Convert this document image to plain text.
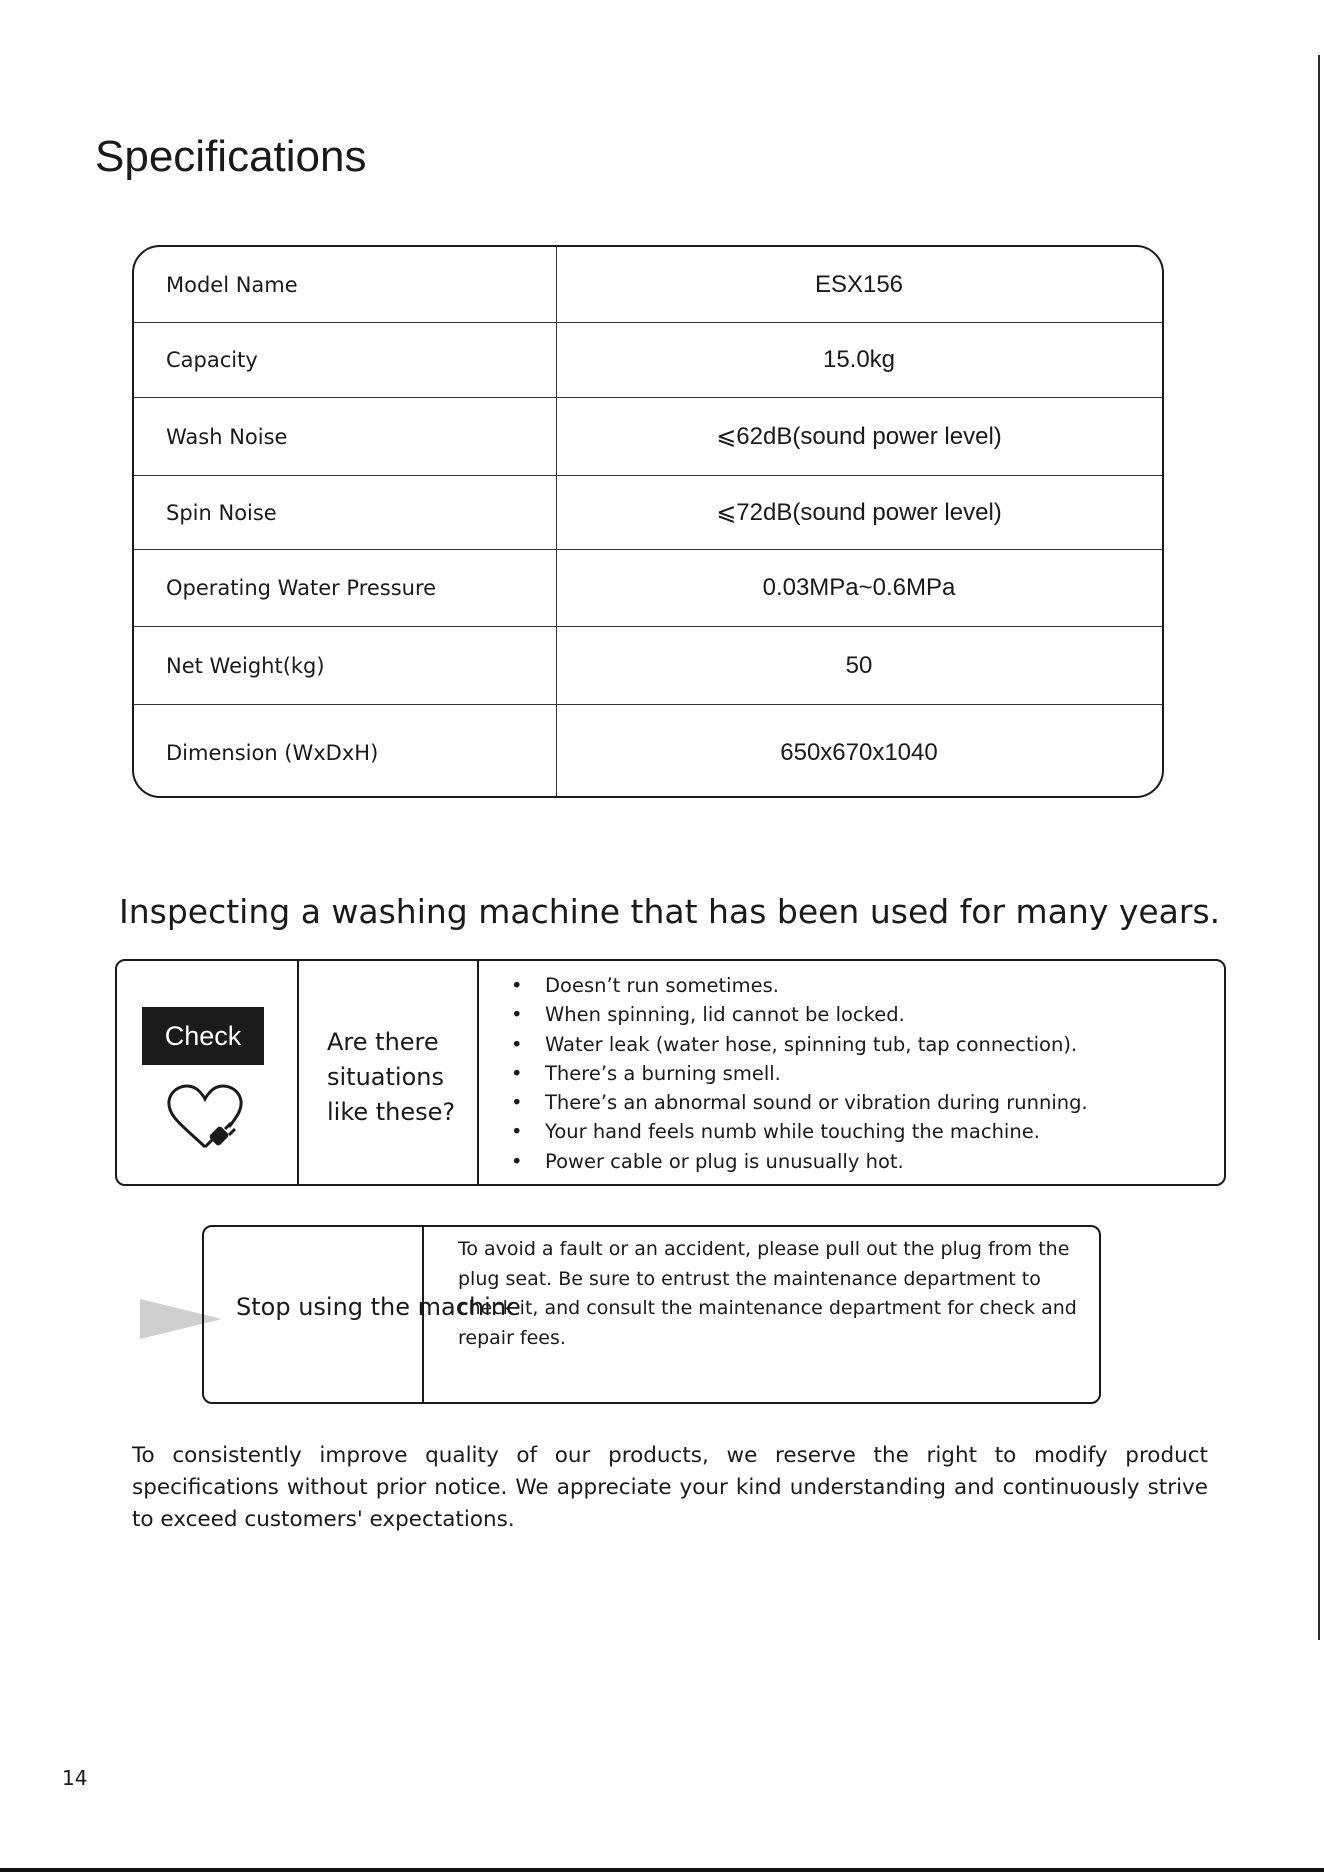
Specifications
Model Name	ESX156
Capacity	15.0kg
Wash Noise	⩽62dB(sound power level)
Spin Noise	⩽72dB(sound power level)
Operating Water Pressure	0.03MPa~0.6MPa
Net Weight(kg)	50
Dimension (WxDxH)	650x670x1040
Inspecting a washing machine that has been used for many years.
Check	Are there situations like these?
• Doesn’t run sometimes.
• When spinning, lid cannot be locked.
• Water leak (water hose, spinning tub, tap connection).
• There’s a burning smell.
• There’s an abnormal sound or vibration during running.
• Your hand feels numb while touching the machine.
• Power cable or plug is unusually hot.
Stop using the machine
To avoid a fault or an accident, please pull out the plug from the plug seat. Be sure to entrust the maintenance department to check it, and consult the maintenance department for check and repair fees.

To consistently improve quality of our products, we reserve the right to modify product specifications without prior notice. We appreciate your kind understanding and continuously strive to exceed customers' expectations.

14
